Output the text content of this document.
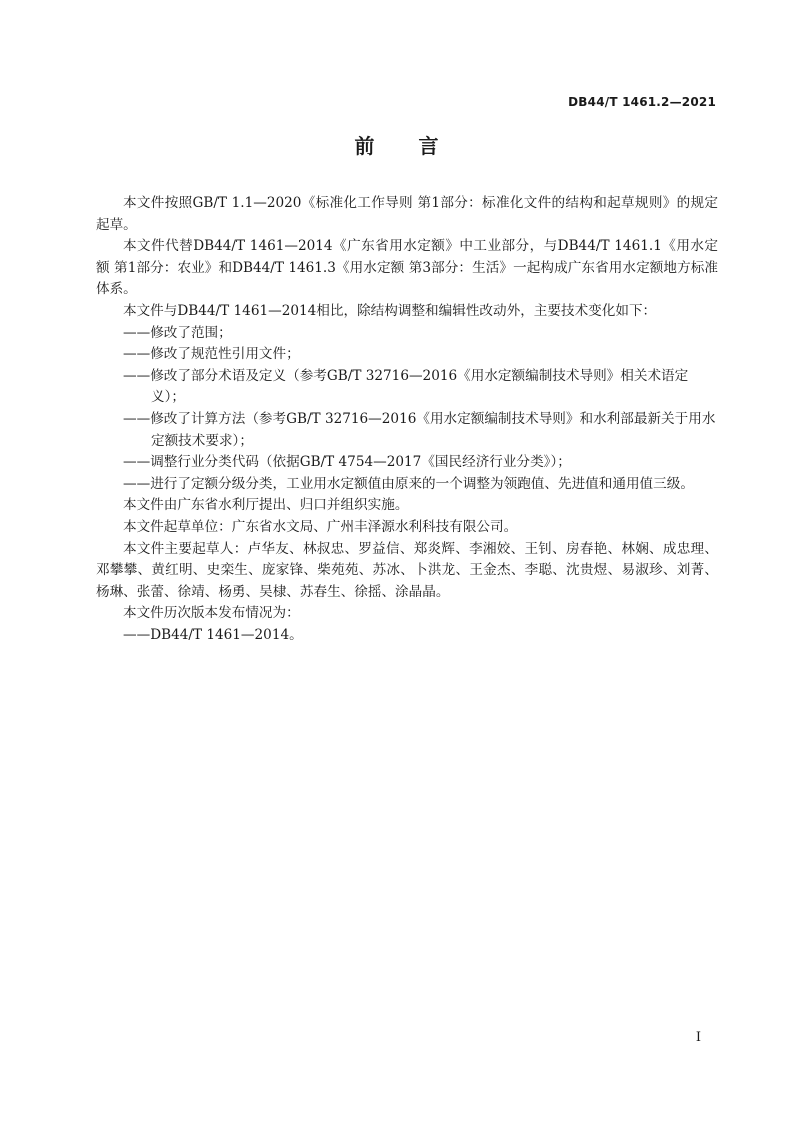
DB44/T 1461.2—2021
前言

本文件按照GB/T 1.1—2020《标准化工作导则 第1部分：标准化文件的结构和起草规则》的规定起草。

本文件代替DB44/T 1461—2014《广东省用水定额》中工业部分，与DB44/T 1461.1《用水定额 第1部分：农业》和DB44/T 1461.3《用水定额 第3部分：生活》一起构成广东省用水定额地方标准体系。

本文件与DB44/T 1461—2014相比，除结构调整和编辑性改动外，主要技术变化如下：

——修改了范围；

——修改了规范性引用文件；

——修改了部分术语及定义（参考GB/T 32716—2016《用水定额编制技术导则》相关术语定义）；

——修改了计算方法（参考GB/T 32716—2016《用水定额编制技术导则》和水利部最新关于用水定额技术要求）；

——调整行业分类代码（依据GB/T 4754—2017《国民经济行业分类》）；

——进行了定额分级分类，工业用水定额值由原来的一个调整为领跑值、先进值和通用值三级。

本文件由广东省水利厅提出、归口并组织实施。

本文件起草单位：广东省水文局、广州丰泽源水利科技有限公司。

本文件主要起草人：卢华友、林叔忠、罗益信、郑炎辉、李湘姣、王钊、房春艳、林娴、成忠理、邓攀攀、黄红明、史栾生、庞家锋、柴苑苑、苏冰、卜洪龙、王金杰、李聪、沈贵煜、易淑珍、刘菁、杨琳、张蕾、徐靖、杨勇、吴棣、苏春生、徐摇、涂晶晶。

本文件历次版本发布情况为：

——DB44/T 1461—2014。

I
